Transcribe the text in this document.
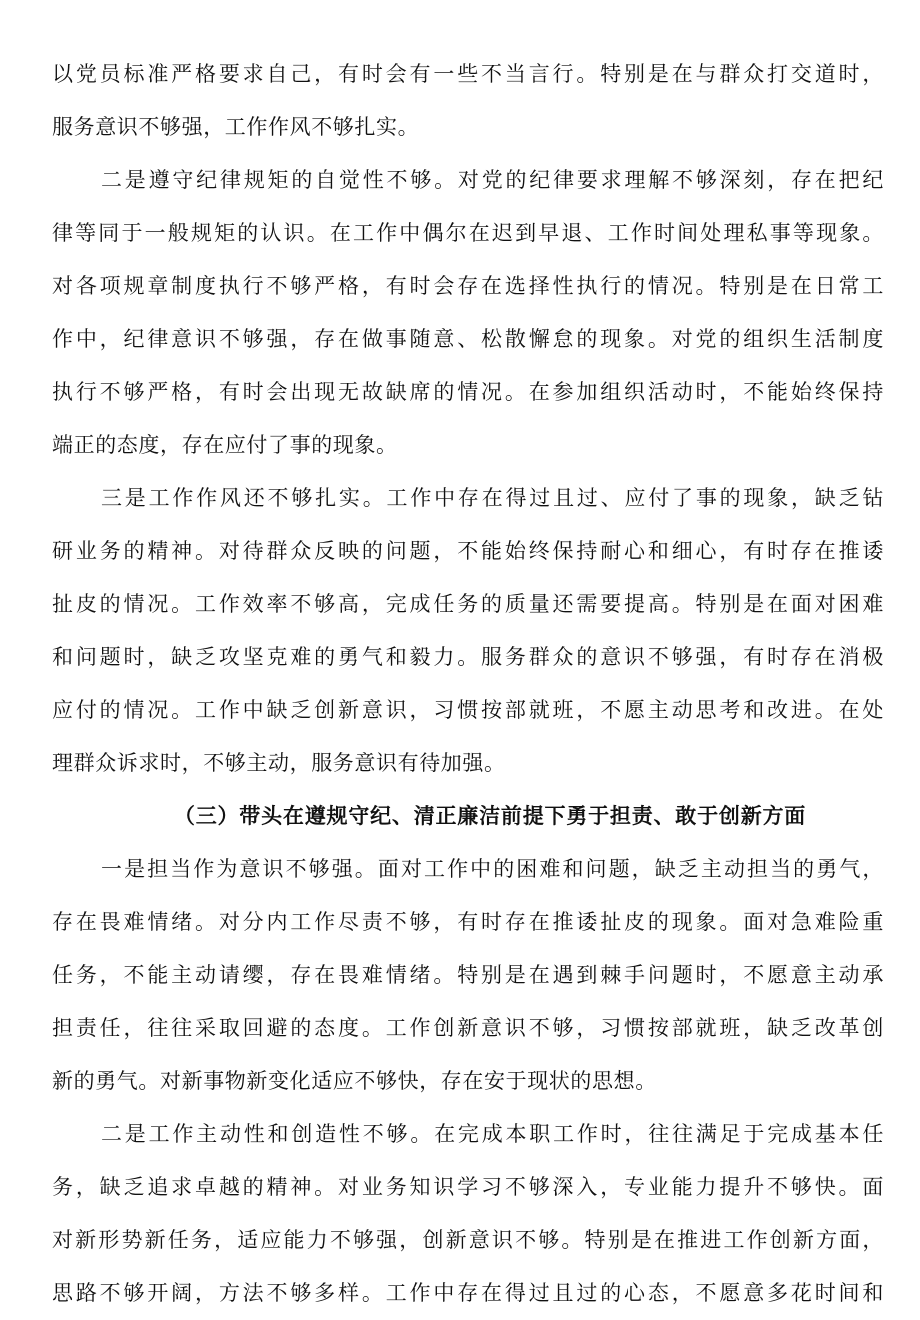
以党员标准严格要求自己，有时会有一些不当言行。特别是在与群众打交道时，
服务意识不够强，工作作风不够扎实。
二是遵守纪律规矩的自觉性不够。对党的纪律要求理解不够深刻，存在把纪
律等同于一般规矩的认识。在工作中偶尔在迟到早退、工作时间处理私事等现象。
对各项规章制度执行不够严格，有时会存在选择性执行的情况。特别是在日常工
作中，纪律意识不够强，存在做事随意、松散懈怠的现象。对党的组织生活制度
执行不够严格，有时会出现无故缺席的情况。在参加组织活动时，不能始终保持
端正的态度，存在应付了事的现象。
三是工作作风还不够扎实。工作中存在得过且过、应付了事的现象，缺乏钻
研业务的精神。对待群众反映的问题，不能始终保持耐心和细心，有时存在推诿
扯皮的情况。工作效率不够高，完成任务的质量还需要提高。特别是在面对困难
和问题时，缺乏攻坚克难的勇气和毅力。服务群众的意识不够强，有时存在消极
应付的情况。工作中缺乏创新意识，习惯按部就班，不愿主动思考和改进。在处
理群众诉求时，不够主动，服务意识有待加强。
（三）带头在遵规守纪、清正廉洁前提下勇于担责、敢于创新方面
一是担当作为意识不够强。面对工作中的困难和问题，缺乏主动担当的勇气，
存在畏难情绪。对分内工作尽责不够，有时存在推诿扯皮的现象。面对急难险重
任务，不能主动请缨，存在畏难情绪。特别是在遇到棘手问题时，不愿意主动承
担责任，往往采取回避的态度。工作创新意识不够，习惯按部就班，缺乏改革创
新的勇气。对新事物新变化适应不够快，存在安于现状的思想。
二是工作主动性和创造性不够。在完成本职工作时，往往满足于完成基本任
务，缺乏追求卓越的精神。对业务知识学习不够深入，专业能力提升不够快。面
对新形势新任务，适应能力不够强，创新意识不够。特别是在推进工作创新方面，
思路不够开阔，方法不够多样。工作中存在得过且过的心态，不愿意多花时间和
